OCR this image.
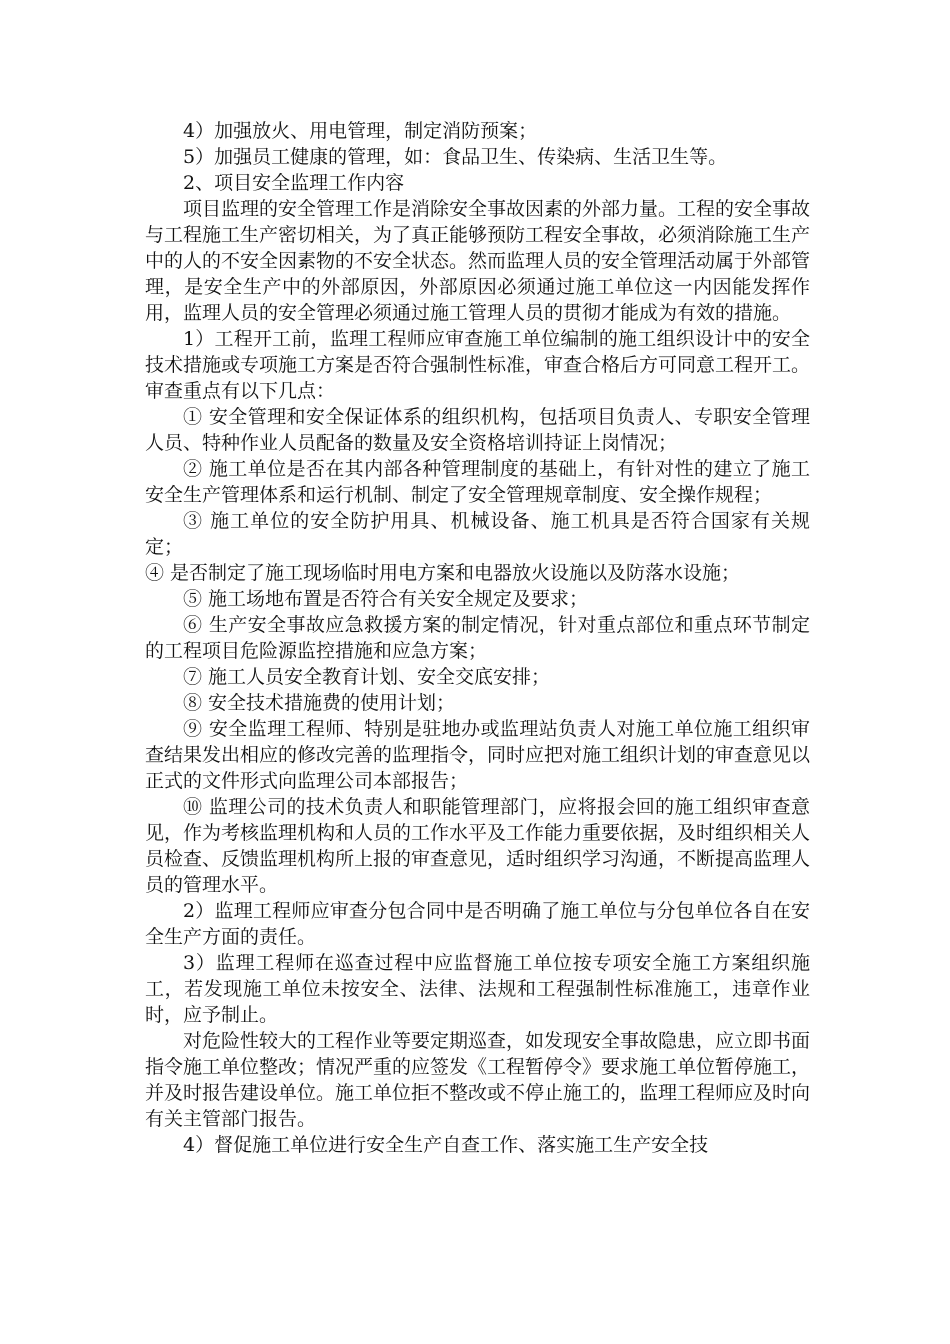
4）加强放火、用电管理，制定消防预案；

5）加强员工健康的管理，如：食品卫生、传染病、生活卫生等。

2、项目安全监理工作内容

项目监理的安全管理工作是消除安全事故因素的外部力量。工程的安全事故与工程施工生产密切相关，为了真正能够预防工程安全事故，必须消除施工生产中的人的不安全因素物的不安全状态。然而监理人员的安全管理活动属于外部管理，是安全生产中的外部原因，外部原因必须通过施工单位这一内因能发挥作用，监理人员的安全管理必须通过施工管理人员的贯彻才能成为有效的措施。

1）工程开工前，监理工程师应审查施工单位编制的施工组织设计中的安全技术措施或专项施工方案是否符合强制性标准，审查合格后方可同意工程开工。审查重点有以下几点：

① 安全管理和安全保证体系的组织机构，包括项目负责人、专职安全管理人员、特种作业人员配备的数量及安全资格培训持证上岗情况；

② 施工单位是否在其内部各种管理制度的基础上，有针对性的建立了施工安全生产管理体系和运行机制、制定了安全管理规章制度、安全操作规程；

③ 施工单位的安全防护用具、机械设备、施工机具是否符合国家有关规定；

④ 是否制定了施工现场临时用电方案和电器放火设施以及防落水设施；

⑤ 施工场地布置是否符合有关安全规定及要求；

⑥ 生产安全事故应急救援方案的制定情况，针对重点部位和重点环节制定的工程项目危险源监控措施和应急方案；

⑦ 施工人员安全教育计划、安全交底安排；

⑧ 安全技术措施费的使用计划；

⑨ 安全监理工程师、特别是驻地办或监理站负责人对施工单位施工组织审查结果发出相应的修改完善的监理指令，同时应把对施工组织计划的审查意见以正式的文件形式向监理公司本部报告；

⑩ 监理公司的技术负责人和职能管理部门，应将报会回的施工组织审查意见，作为考核监理机构和人员的工作水平及工作能力重要依据，及时组织相关人员检查、反馈监理机构所上报的审查意见，适时组织学习沟通，不断提高监理人员的管理水平。

2）监理工程师应审查分包合同中是否明确了施工单位与分包单位各自在安全生产方面的责任。

3）监理工程师在巡查过程中应监督施工单位按专项安全施工方案组织施工，若发现施工单位未按安全、法律、法规和工程强制性标准施工，违章作业时，应予制止。

对危险性较大的工程作业等要定期巡查，如发现安全事故隐患，应立即书面指令施工单位整改；情况严重的应签发《工程暂停令》要求施工单位暂停施工，并及时报告建设单位。施工单位拒不整改或不停止施工的，监理工程师应及时向有关主管部门报告。

4）督促施工单位进行安全生产自查工作、落实施工生产安全技
